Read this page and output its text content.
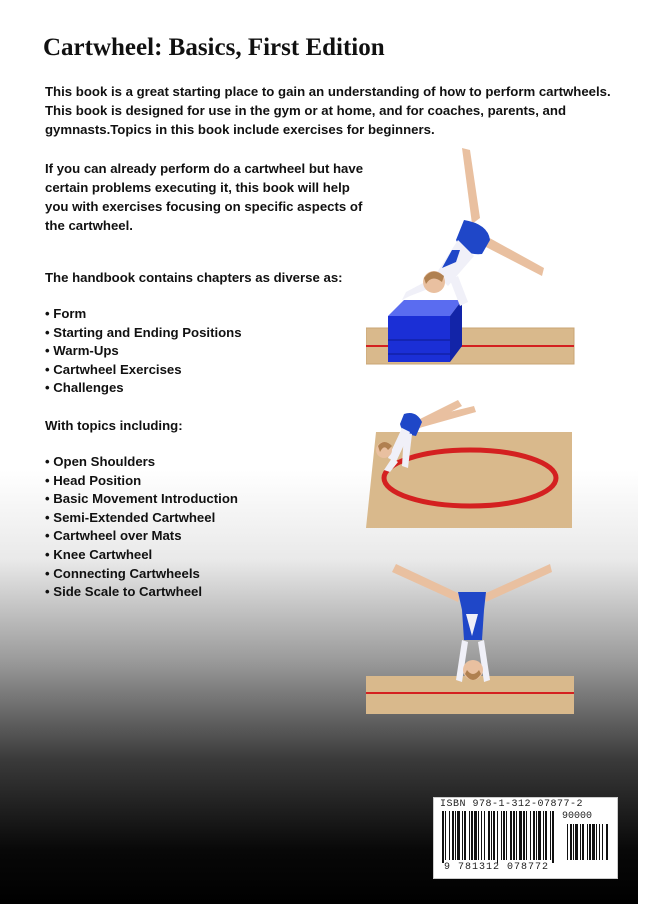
Cartwheel: Basics, First Edition

This book is a great starting place to gain an understanding of how to perform cartwheels. This book is designed for use in the gym or at home, and for coaches, parents, and gymnasts.Topics in this book include exercises for beginners.

If you can already perform do a cartwheel but have certain problems executing it, this book will help you with exercises focusing on specific aspects of the cartwheel.

The handbook contains chapters as diverse as:

• Form
• Starting and Ending Positions
• Warm-Ups
• Cartwheel Exercises
• Challenges

With topics including:

• Open Shoulders
• Head Position
• Basic Movement Introduction
• Semi-Extended Cartwheel
• Cartwheel over Mats
• Knee Cartwheel
• Connecting Cartwheels
• Side Scale to Cartwheel
ISBN 978-1-312-07877-2
90000
9 781312 078772
